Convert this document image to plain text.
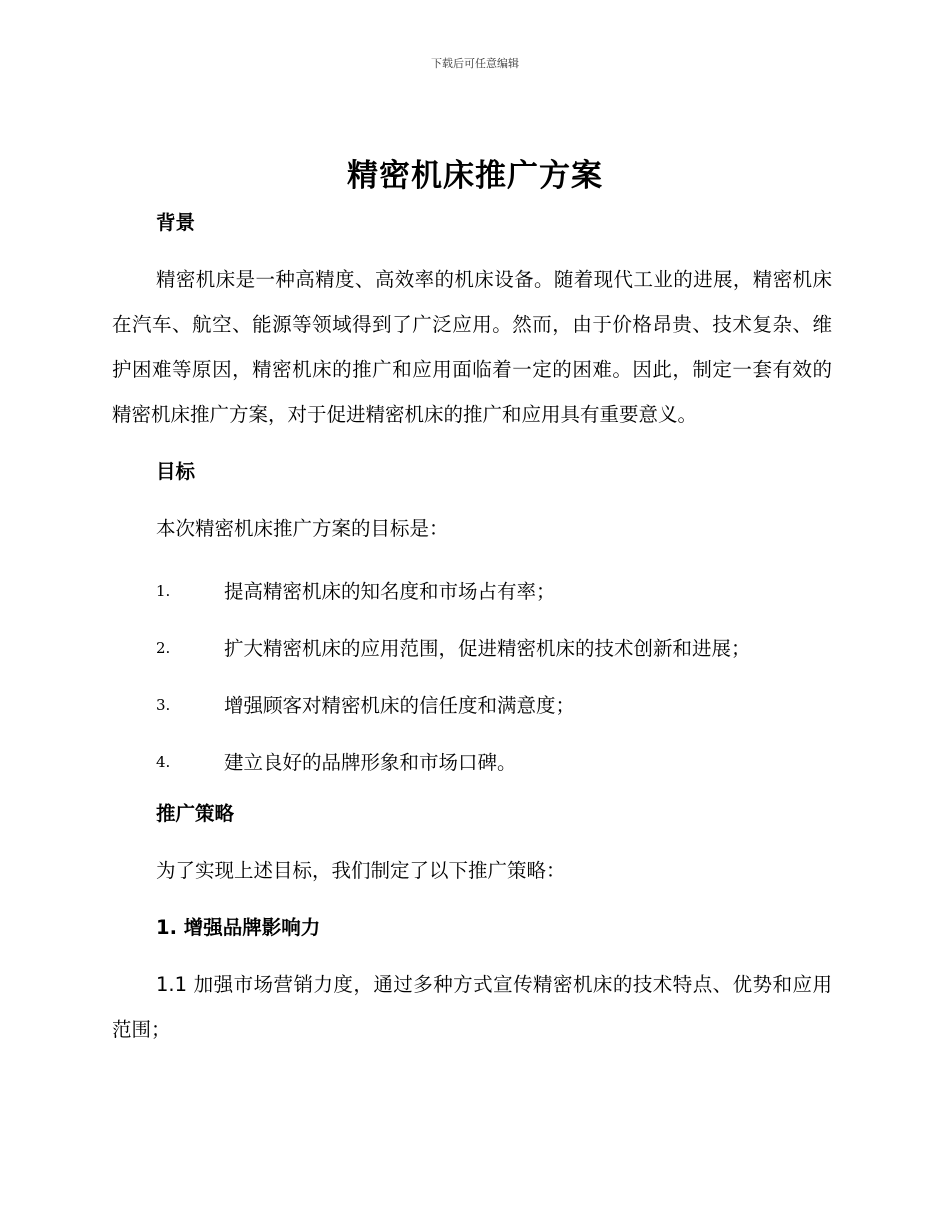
下载后可任意编辑
精密机床推广方案
背景

精密机床是一种高精度、高效率的机床设备。随着现代工业的进展，精密机床在汽车、航空、能源等领域得到了广泛应用。然而，由于价格昂贵、技术复杂、维护困难等原因，精密机床的推广和应用面临着一定的困难。因此，制定一套有效的精密机床推广方案，对于促进精密机床的推广和应用具有重要意义。

目标
本次精密机床推广方案的目标是：
1.	提高精密机床的知名度和市场占有率；
2.	扩大精密机床的应用范围，促进精密机床的技术创新和进展；
3.	增强顾客对精密机床的信任度和满意度；
4.	建立良好的品牌形象和市场口碑。
推广策略
为了实现上述目标，我们制定了以下推广策略：
1. 增强品牌影响力

1.1 加强市场营销力度，通过多种方式宣传精密机床的技术特点、优势和应用范围；
